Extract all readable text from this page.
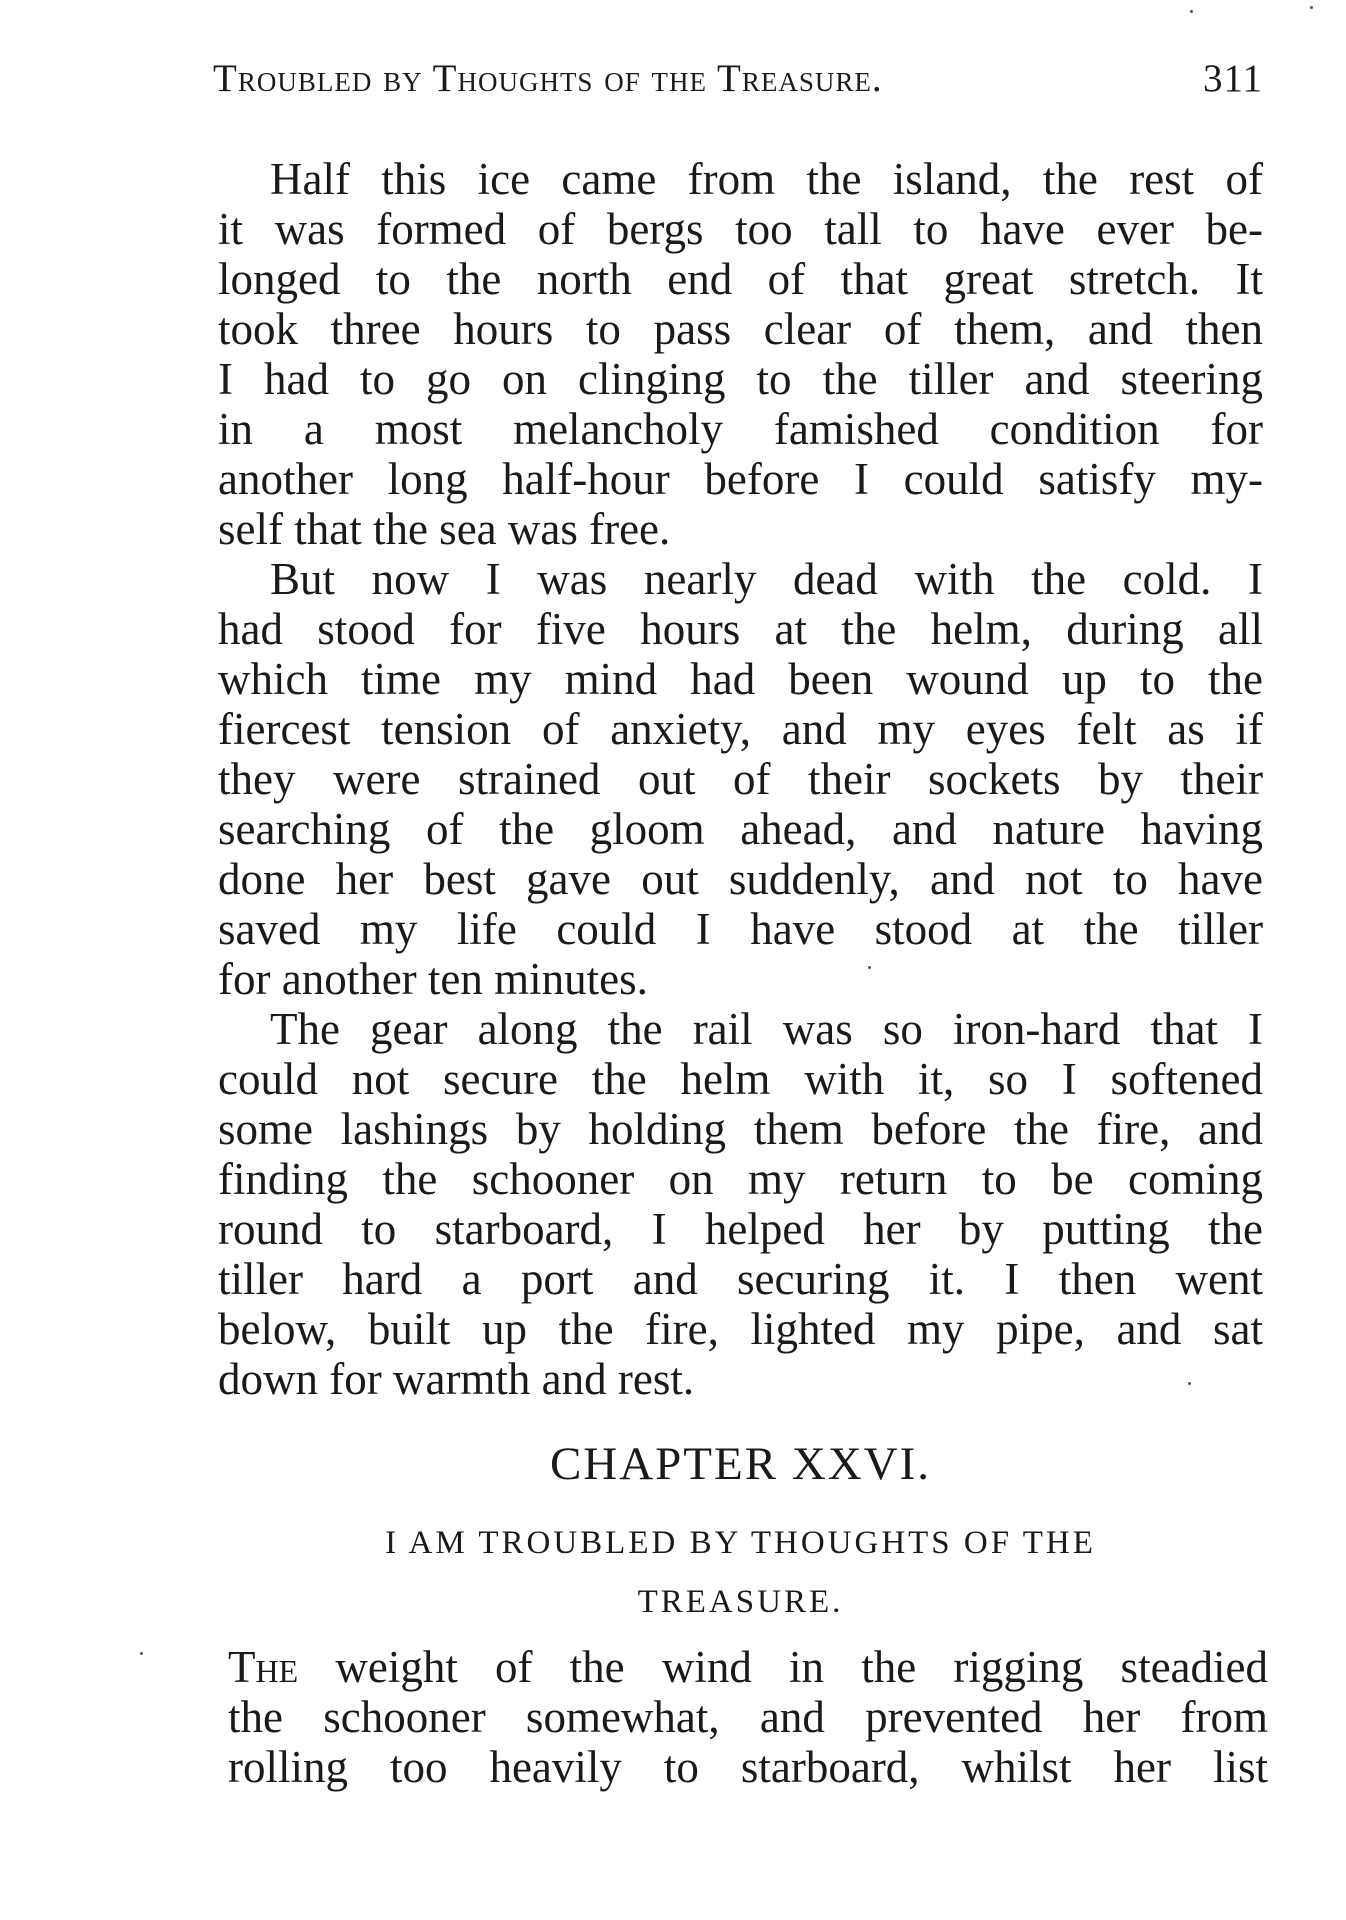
Troubled by Thoughts of the Treasure.	311
Half this ice came from the island, the rest of
it was formed of bergs too tall to have ever be-
longed to the north end of that great stretch. It
took three hours to pass clear of them, and then
I had to go on clinging to the tiller and steering
in a most melancholy famished condition for
another long half-hour before I could satisfy my-
self that the sea was free.
But now I was nearly dead with the cold. I
had stood for five hours at the helm, during all
which time my mind had been wound up to the
fiercest tension of anxiety, and my eyes felt as if
they were strained out of their sockets by their
searching of the gloom ahead, and nature having
done her best gave out suddenly, and not to have
saved my life could I have stood at the tiller
for another ten minutes.
The gear along the rail was so iron-hard that I
could not secure the helm with it, so I softened
some lashings by holding them before the fire, and
finding the schooner on my return to be coming
round to starboard, I helped her by putting the
tiller hard a port and securing it. I then went
below, built up the fire, lighted my pipe, and sat
down for warmth and rest.
CHAPTER XXVI.
I AM TROUBLED BY THOUGHTS OF THE
TREASURE.
The weight of the wind in the rigging steadied
the schooner somewhat, and prevented her from
rolling too heavily to starboard, whilst her list
